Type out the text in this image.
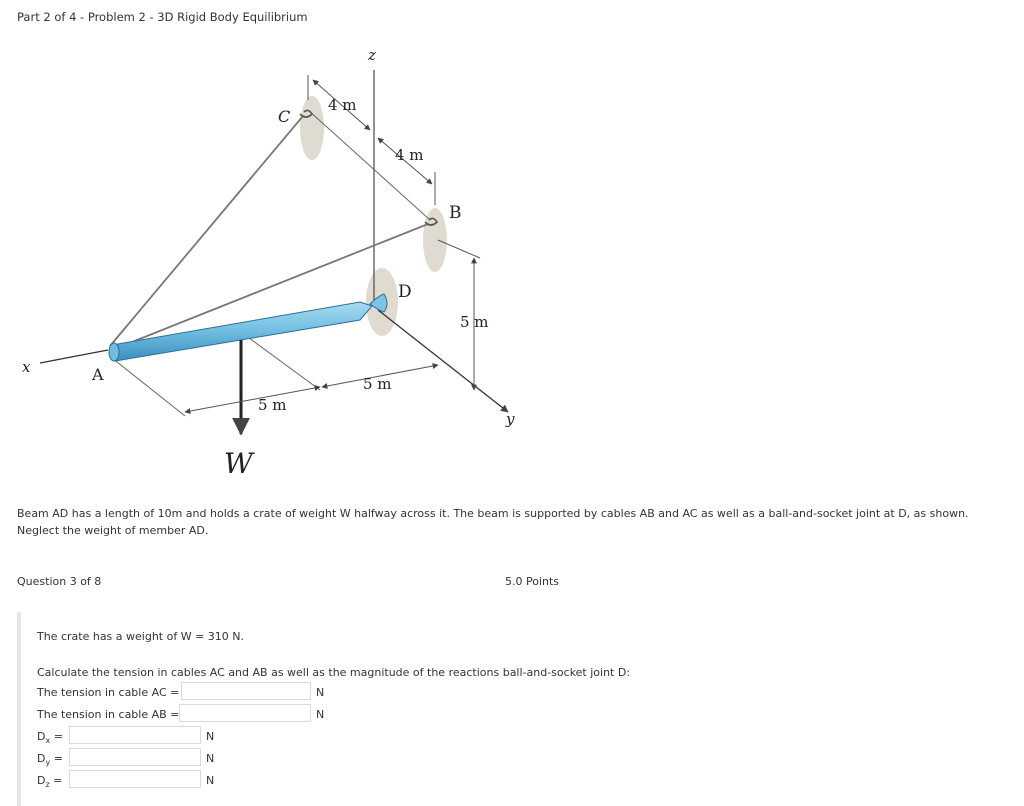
Part 2 of 4 - Problem 2 - 3D Rigid Body Equilibrium
z
x
y
A
B
C
D
W
4 m
4 m
5 m
5 m
5 m
Beam AD has a length of 10m and holds a crate of weight W halfway across it. The beam is supported by cables AB and AC as well as a ball-and-socket joint at D, as shown. Neglect the weight of member AD.
Question 3 of 8	5.0 Points
The crate has a weight of W = 310 N.
Calculate the tension in cables AC and AB as well as the magnitude of the reactions ball-and-socket joint D:
The tension in cable AC =	N
The tension in cable AB =	N
$D_x$ =	N
$D_y$ =	N
$D_z$ =	N
